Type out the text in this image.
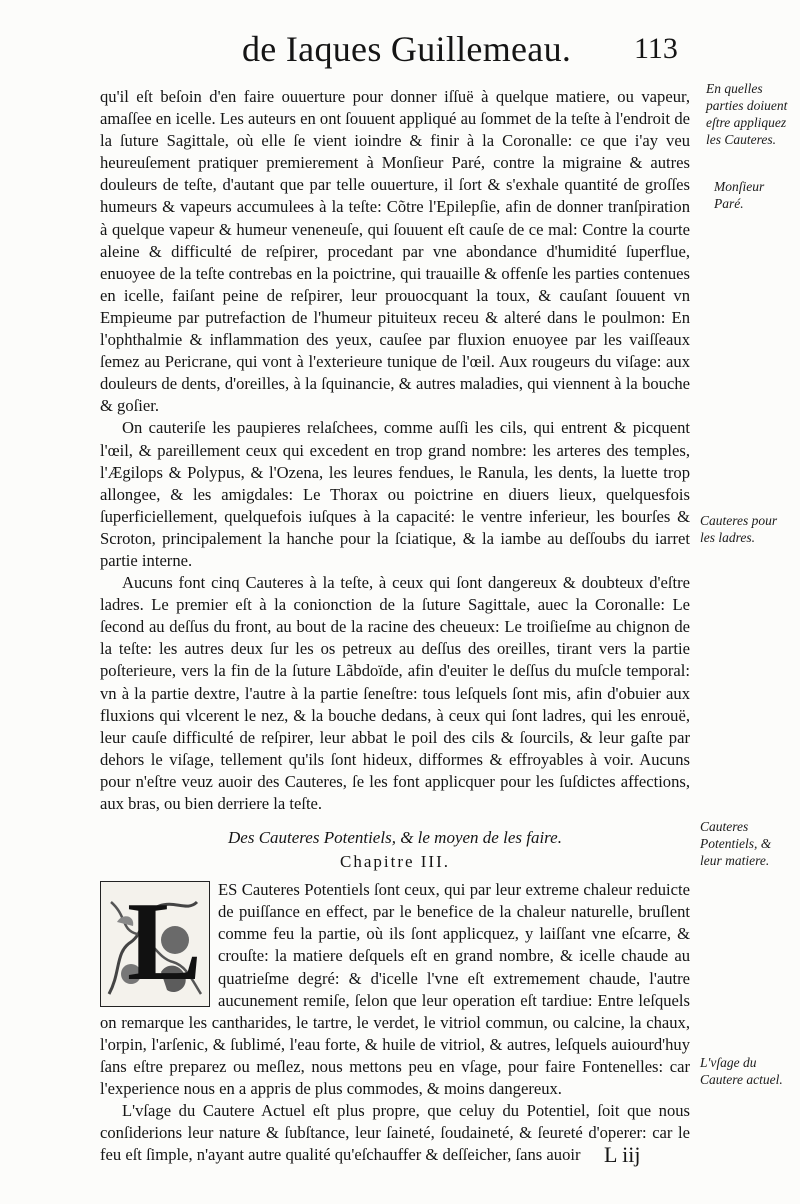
de Iaques Guillemeau. 113

qu'il eſt beſoin d'en faire ouuerture pour donner iſſuë à quelque matiere, ou vapeur, amaſſee en icelle. Les auteurs en ont ſouuent appliqué au ſommet de la teſte à l'endroit de la ſuture Sagittale, où elle ſe vient ioindre & finir à la Coronalle: ce que i'ay veu heureuſement pratiquer premierement à Monſieur Paré, contre la migraine & autres douleurs de teſte, d'autant que par telle ouuerture, il ſort & s'exhale quantité de groſſes humeurs & vapeurs accumulees à la teſte: Cõtre l'Epilepſie, afin de donner tranſpiration à quelque vapeur & humeur veneneuſe, qui ſouuent eſt cauſe de ce mal: Contre la courte aleine & difficulté de reſpirer, procedant par vne abondance d'humidité ſuperflue, enuoyee de la teſte contrebas en la poictrine, qui trauaille & offenſe les parties contenues en icelle, faiſant peine de reſpirer, leur prouocquant la toux, & cauſant ſouuent vn Empieume par putrefaction de l'humeur pituiteux receu & alteré dans le poulmon: En l'ophthalmie & inflammation des yeux, cauſee par fluxion enuoyee par les vaiſſeaux ſemez au Pericrane, qui vont à l'exterieure tunique de l'œil. Aux rougeurs du viſage: aux douleurs de dents, d'oreilles, à la ſquinancie, & autres maladies, qui viennent à la bouche & goſier.

On cauteriſe les paupieres relaſchees, comme auſſi les cils, qui entrent & picquent l'œil, & pareillement ceux qui excedent en trop grand nombre: les arteres des temples, l'Ægilops & Polypus, & l'Ozena, les leures fendues, le Ranula, les dents, la luette trop allongee, & les amigdales: Le Thorax ou poictrine en diuers lieux, quelquesfois ſuperficiellement, quelquefois iuſques à la capacité: le ventre inferieur, les bourſes & Scroton, principalement la hanche pour la ſciatique, & la iambe au deſſoubs du iarret partie interne.

Aucuns font cinq Cauteres à la teſte, à ceux qui ſont dangereux & doubteux d'eſtre ladres. Le premier eſt à la conionction de la ſuture Sagittale, auec la Coronalle: Le ſecond au deſſus du front, au bout de la racine des cheueux: Le troiſieſme au chignon de la teſte: les autres deux ſur les os petreux au deſſus des oreilles, tirant vers la partie poſterieure, vers la fin de la ſuture Lãbdoïde, afin d'euiter le deſſus du muſcle temporal: vn à la partie dextre, l'autre à la partie ſeneſtre: tous leſquels ſont mis, afin d'obuier aux fluxions qui vlcerent le nez, & la bouche dedans, à ceux qui ſont ladres, qui les enrouë, leur cauſe difficulté de reſpirer, leur abbat le poil des cils & ſourcils, & leur gaſte par dehors le viſage, tellement qu'ils ſont hideux, difformes & effroyables à voir. Aucuns pour n'eſtre veuz auoir des Cauteres, ſe les font applicquer pour les ſuſdictes affections, aux bras, ou bien derriere la teſte.

Des Cauteres Potentiels, & le moyen de les faire.
Chapitre III.

L ES Cauteres Potentiels ſont ceux, qui par leur extreme chaleur reduicte de puiſſance en effect, par le benefice de la chaleur naturelle, bruſlent comme feu la partie, où ils ſont applicquez, y laiſſant vne eſcarre, & crouſte: la matiere deſquels eſt en grand nombre, & icelle chaude au quatrieſme degré: & d'icelle l'vne eſt extremement chaude, l'autre aucunement remiſe, ſelon que leur operation eſt tardiue: Entre leſquels on remarque les cantharides, le tartre, le verdet, le vitriol commun, ou calcine, la chaux, l'orpin, l'arſenic, & ſublimé, l'eau forte, & huile de vitriol, & autres, leſquels auiourd'huy ſans eſtre preparez ou meſlez, nous mettons peu en vſage, pour faire Fontenelles: car l'experience nous en a appris de plus commodes, & moins dangereux.

L'vſage du Cautere Actuel eſt plus propre, que celuy du Potentiel, ſoit que nous conſiderions leur nature & ſubſtance, leur ſaineté, ſoudaineté, & ſeureté d'operer: car le feu eſt ſimple, n'ayant autre qualité qu'eſchauffer & deſſeicher, ſans auoir

En quelles parties doiuent eſtre appliquez les Cauteres.
Monſieur Paré.
Cauteres pour les ladres.
Cauteres Potentiels, & leur matiere.
L'vſage du Cautere actuel.
L iij
